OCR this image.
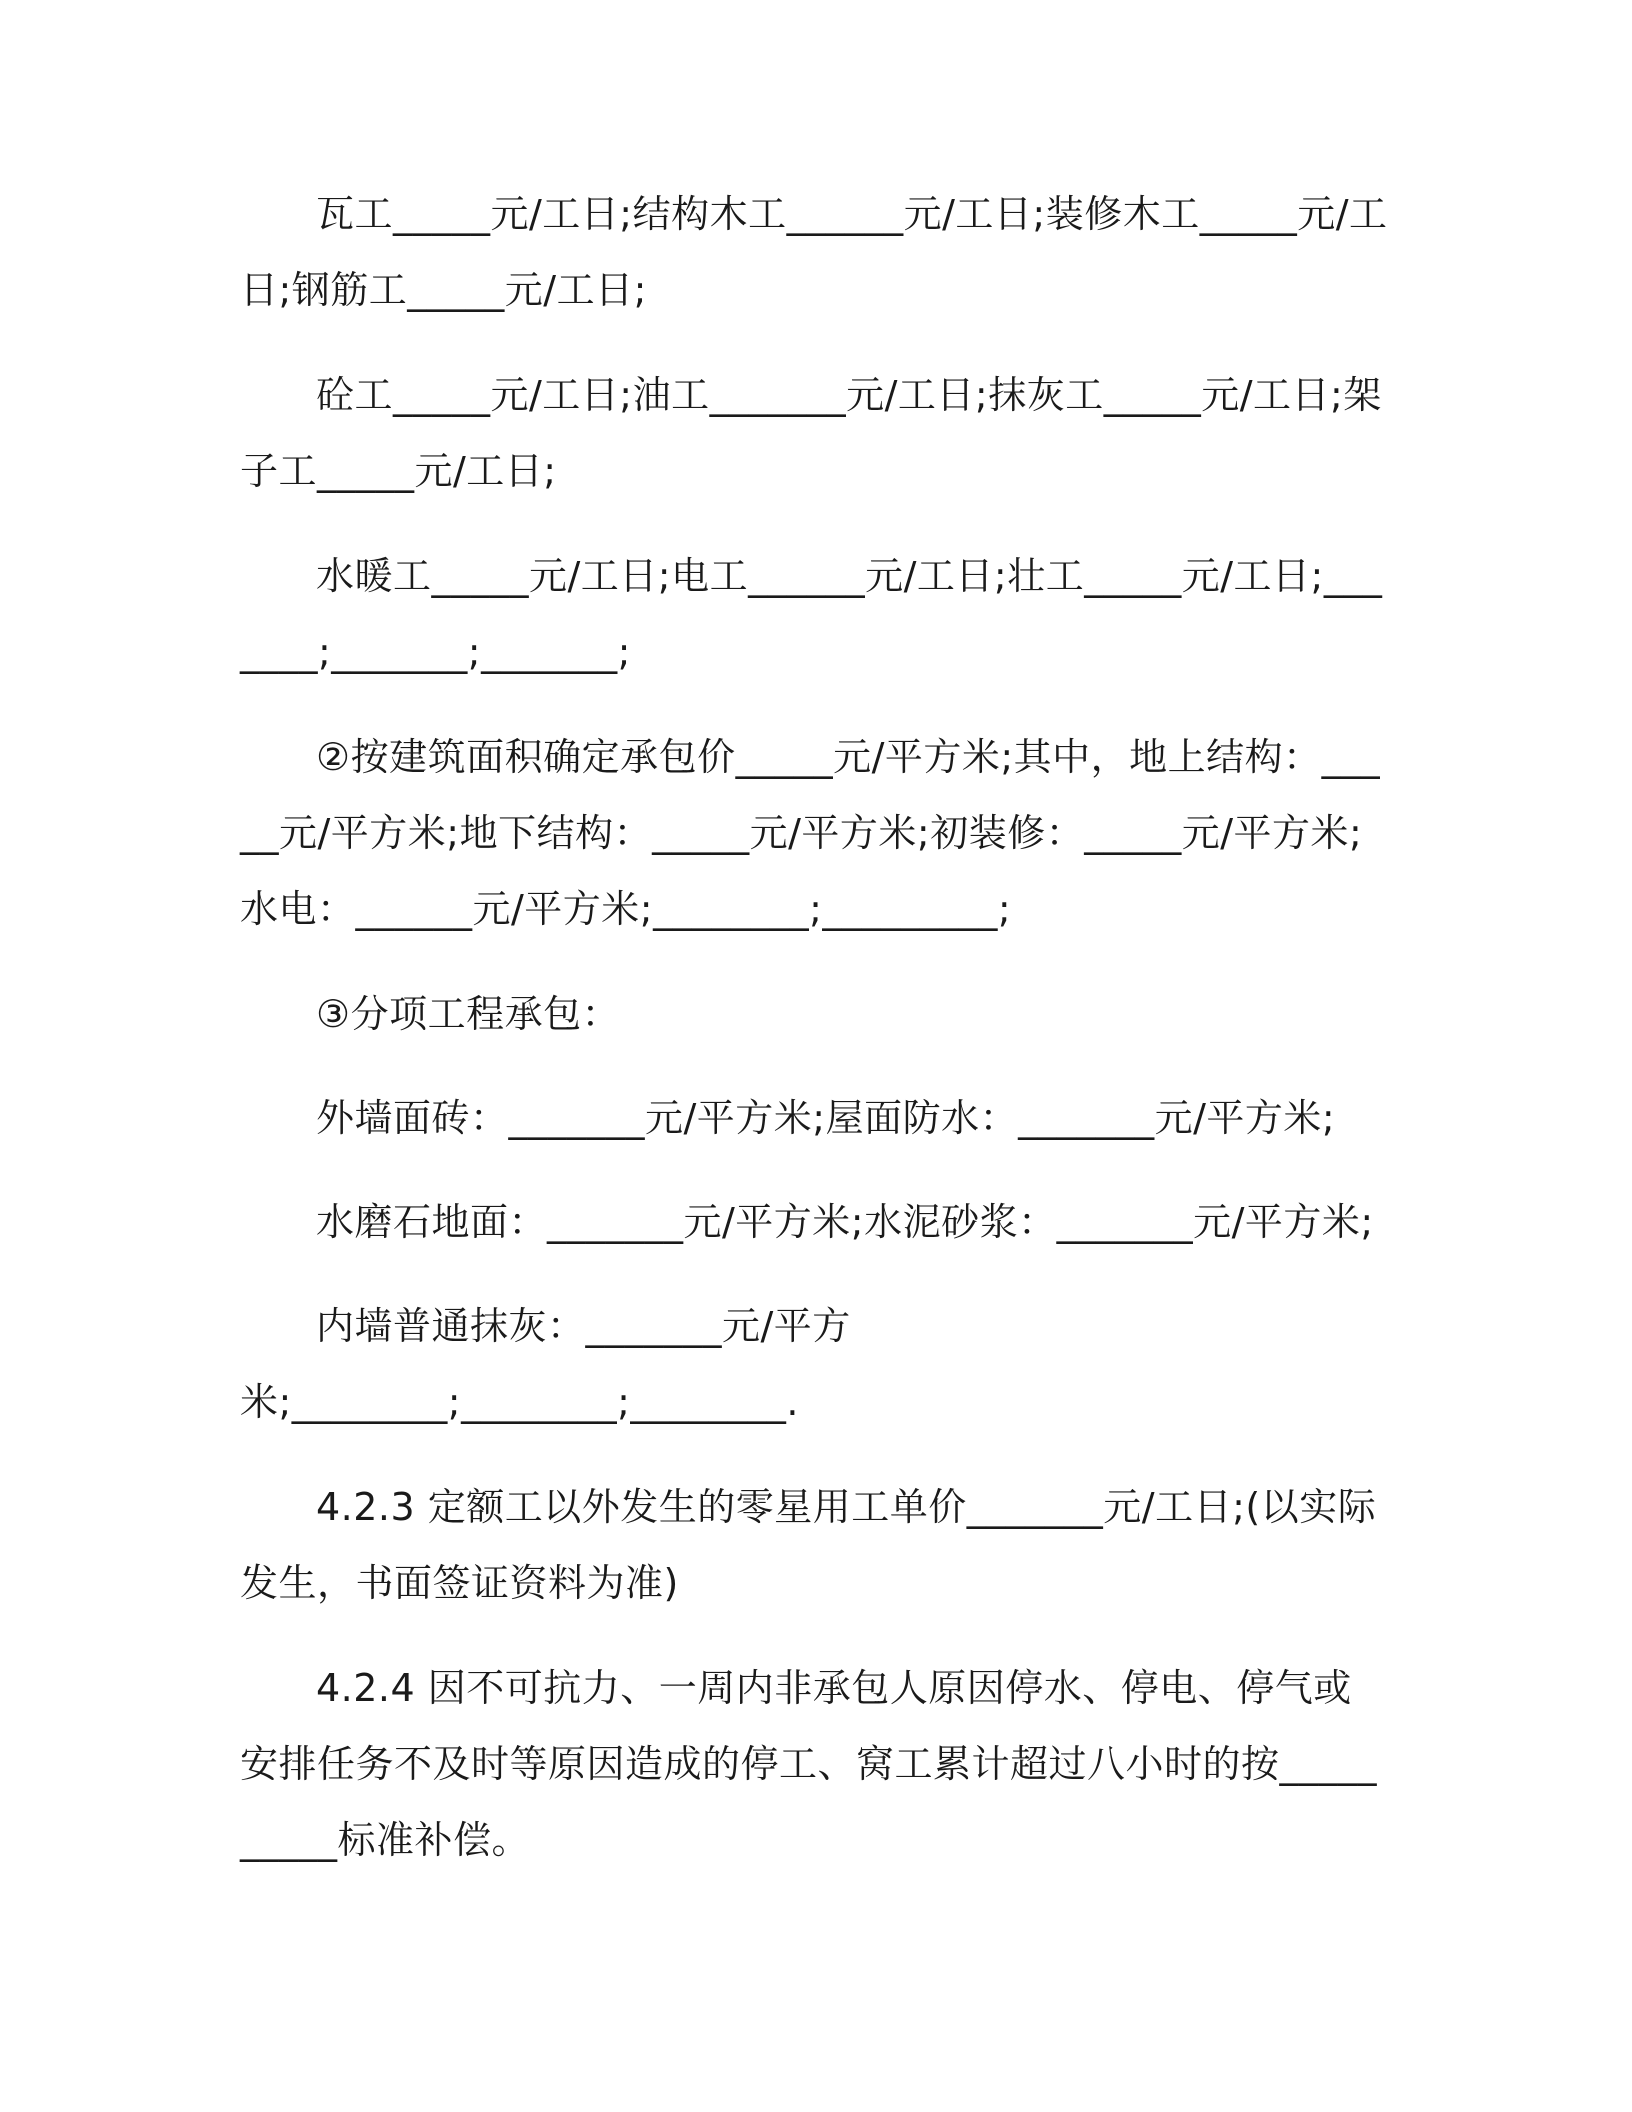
瓦工_____元/工日;结构木工______元/工日;装修木工_____元/工日;钢筋工_____元/工日;

砼工_____元/工日;油工_______元/工日;抹灰工_____元/工日;架子工_____元/工日;

水暖工_____元/工日;电工______元/工日;壮工_____元/工日;_______;_______;_______;

②按建筑面积确定承包价_____元/平方米;其中，地上结构：_____元/平方米;地下结构：_____元/平方米;初装修：_____元/平方米;水电：______元/平方米;________;_________;

③分项工程承包：

外墙面砖：_______元/平方米;屋面防水：_______元/平方米;

水磨石地面：_______元/平方米;水泥砂浆：_______元/平方米;

内墙普通抹灰：_______元/平方
米;________;________;________.

4.2.3 定额工以外发生的零星用工单价_______元/工日;(以实际发生，书面签证资料为准)

4.2.4 因不可抗力、一周内非承包人原因停水、停电、停气或安排任务不及时等原因造成的停工、窝工累计超过八小时的按__________标准补偿。
